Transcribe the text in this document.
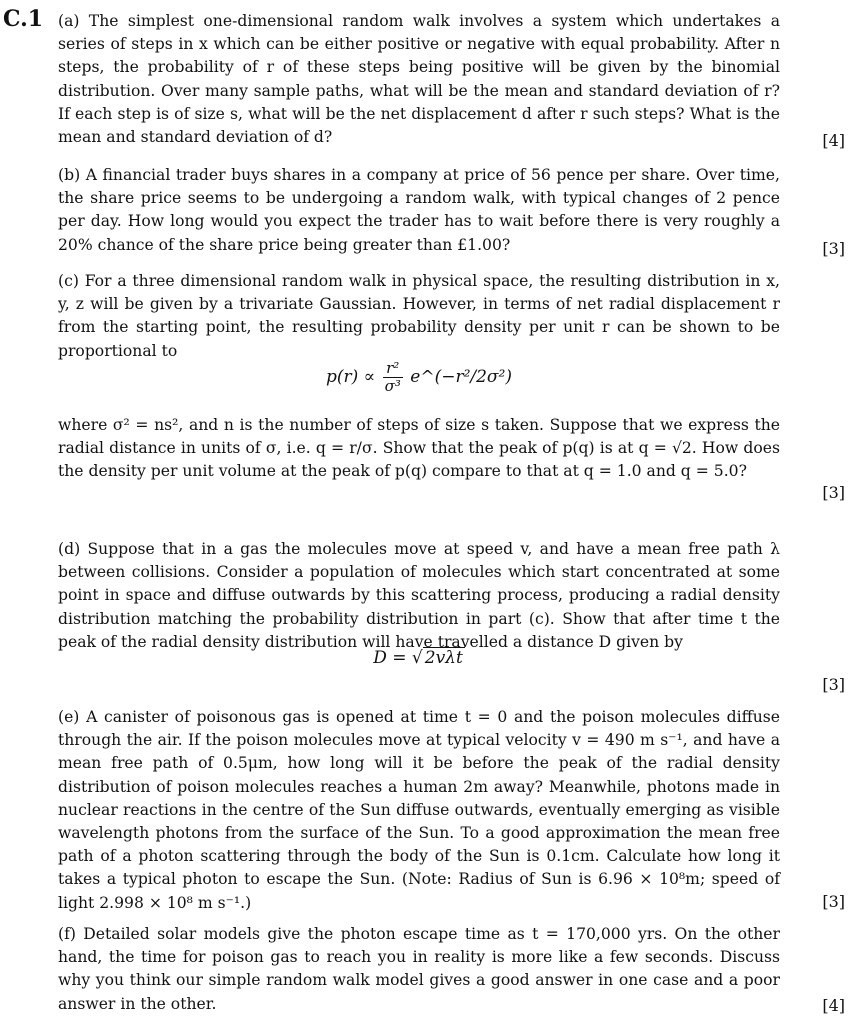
C.1 (a) The simplest one-dimensional random walk involves a system which undertakes a series of steps in x which can be either positive or negative with equal probability. After n steps, the probability of r of these steps being positive will be given by the binomial distribution. Over many sample paths, what will be the mean and standard deviation of r? If each step is of size s, what will be the net displacement d after r such steps? What is the mean and standard deviation of d?	[4]

(b) A financial trader buys shares in a company at price of 56 pence per share. Over time, the share price seems to be undergoing a random walk, with typical changes of 2 pence per day. How long would you expect the trader has to wait before there is very roughly a 20% chance of the share price being greater than £1.00?	[3]

(c) For a three dimensional random walk in physical space, the resulting distribution in x, y, z will be given by a trivariate Gaussian. However, in terms of net radial displacement r from the starting point, the resulting probability density per unit r can be shown to be proportional to

$p(r) \propto \frac{\text{r²}}{\text{σ³}}$ e^(−r²/2σ²)

where σ² = ns², and n is the number of steps of size s taken. Suppose that we express the radial distance in units of σ, i.e. q = r/σ. Show that the peak of p(q) is at q = √2. How does the density per unit volume at the peak of p(q) compare to that at q = 1.0 and q = 5.0?

[3]

(d) Suppose that in a gas the molecules move at speed v, and have a mean free path λ between collisions. Consider a population of molecules which start concentrated at some point in space and diffuse outwards by this scattering process, producing a radial density distribution matching the probability distribution in part (c). Show that after time t the peak of the radial density distribution will have travelled a distance D given by

D = √ 2vλt
[3]

(e) A canister of poisonous gas is opened at time t = 0 and the poison molecules diffuse through the air. If the poison molecules move at typical velocity v = 490 m s⁻¹, and have a mean free path of 0.5μm, how long will it be before the peak of the radial density distribution of poison molecules reaches a human 2m away? Meanwhile, photons made in nuclear reactions in the centre of the Sun diffuse outwards, eventually emerging as visible wavelength photons from the surface of the Sun. To a good approximation the mean free path of a photon scattering through the body of the Sun is 0.1cm. Calculate how long it takes a typical photon to escape the Sun. (Note: Radius of Sun is 6.96 × 10⁸m; speed of light 2.998 × 10⁸ m s⁻¹.)	[3]

(f) Detailed solar models give the photon escape time as t = 170,000 yrs. On the other hand, the time for poison gas to reach you in reality is more like a few seconds. Discuss why you think our simple random walk model gives a good answer in one case and a poor answer in the other.	[4]
